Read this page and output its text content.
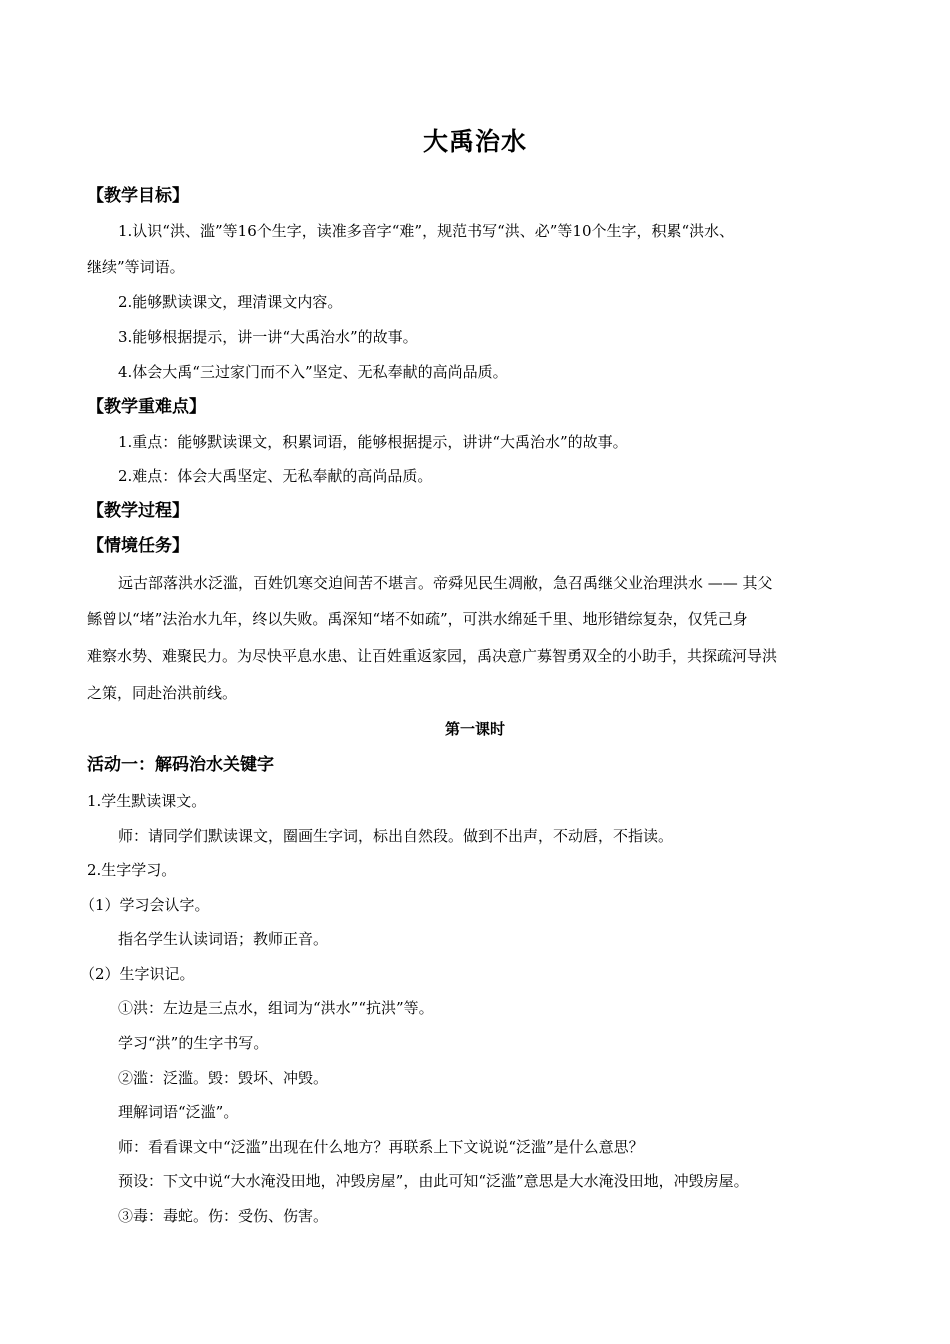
大禹治水
【教学目标】
1.认识“洪、滥”等16个生字，读准多音字“难”，规范书写“洪、必”等10个生字，积累“洪水、
继续”等词语。
2.能够默读课文，理清课文内容。
3.能够根据提示，讲一讲“大禹治水”的故事。
4.体会大禹“三过家门而不入”坚定、无私奉献的高尚品质。
【教学重难点】
1.重点：能够默读课文，积累词语，能够根据提示，讲讲“大禹治水”的故事。
2.难点：体会大禹坚定、无私奉献的高尚品质。
【教学过程】
【情境任务】
远古部落洪水泛滥，百姓饥寒交迫间苦不堪言。帝舜见民生凋敝，急召禹继父业治理洪水 —— 其父
鲧曾以“堵”法治水九年，终以失败。禹深知“堵不如疏”，可洪水绵延千里、地形错综复杂，仅凭己身
难察水势、难聚民力。为尽快平息水患、让百姓重返家园，禹决意广募智勇双全的小助手，共探疏河导洪
之策，同赴治洪前线。
第一课时
活动一：解码治水关键字
1.学生默读课文。
师：请同学们默读课文，圈画生字词，标出自然段。做到不出声，不动唇，不指读。
2.生字学习。
（1）学习会认字。
指名学生认读词语；教师正音。
（2）生字识记。
①洪：左边是三点水，组词为“洪水”“抗洪”等。
学习“洪”的生字书写。
②滥：泛滥。毁：毁坏、冲毁。
理解词语“泛滥”。
师：看看课文中“泛滥”出现在什么地方？再联系上下文说说“泛滥”是什么意思？
预设：下文中说“大水淹没田地，冲毁房屋”，由此可知“泛滥”意思是大水淹没田地，冲毁房屋。
③毒：毒蛇。伤：受伤、伤害。
